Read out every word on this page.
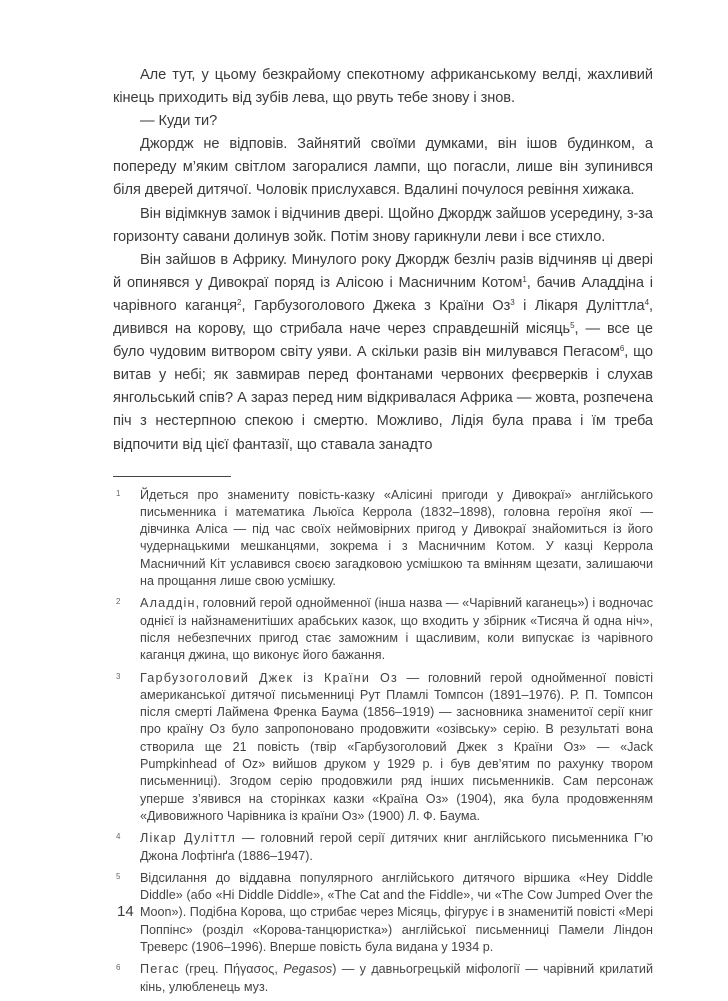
Але тут, у цьому безкрайому спекотному африканському велді, жахливий кінець приходить від зубів лева, що рвуть тебе знову і знов.

— Куди ти?

Джордж не відповів. Зайнятий своїми думками, він ішов будинком, а попереду м’яким світлом загоралися лампи, що погасли, лише він зупинився біля дверей дитячої. Чоловік прислухався. Вдалині почулося ревіння хижака.

Він відімкнув замок і відчинив двері. Щойно Джордж зайшов усередину, з-за горизонту савани долинув зойк. Потім знову гарикнули леви і все стихло.

Він зайшов в Африку. Минулого року Джордж безліч разів відчиняв ці двері й опинявся у Дивокраї поряд із Алісою і Масничним Котом$^1$, бачив Аладдіна і чарівного каганця$^2$, Гарбузоголового Джека з Країни $Оз^3$ і Лікаря Дуліттла$^4$, дивився на корову, що стрибала наче через справдешній місяць$^5$, — все це було чудовим витвором світу уяви. А скільки разів він милувався Пегасом$^6$, що витав у небі; як завмирав перед фонтанами червоних феєрверків і слухав янгольський спів? А зараз перед ним відкривалася Африка — жовта, розпечена піч з нестерпною спекою і смертю. Можливо, Лідія була права і їм треба відпочити від цієї фантазії, що ставала занадто

1	Йдеться про знамениту повість-казку «Алісині пригоди у Дивокраї» англійського письменника і математика Льюїса Керрола (1832–1898), головна героїня якої — дівчинка Аліса — під час своїх неймовірних пригод у Дивокраї знайомиться із його чудернацькими мешканцями, зокрема і з Масничним Котом. У казці Керрола Масничний Кіт уславився своєю загадковою усмішкою та вмінням щезати, залишаючи на прощання лише свою усмішку.
2	Аладдін, головний герой однойменної (інша назва — «Чарівний каганець») і водночас однієї із найзнаменитіших арабських казок, що входить у збірник «Тисяча й одна ніч», після небезпечних пригод стає заможним і щасливим, коли випускає із чарівного каганця джина, що виконує його бажання.
3	Гарбузоголовий Джек із Країни Оз — головний герой однойменної повісті американської дитячої письменниці Рут Пламлі Томпсон (1891–1976). Р. П. Томпсон після смерті Лаймена Френка Баума (1856–1919) — засновника знаменитої серії книг про країну Оз було запропоновано продовжити «озівську» серію. В результаті вона створила ще 21 повість (твір «Гарбузоголовий Джек з Країни Оз» — «Jack Pumpkinhead of Oz» вийшов друком у 1929 р. і був дев’ятим по рахунку твором письменниці). Згодом серію продовжили ряд інших письменників. Сам персонаж уперше з’явився на сторінках казки «Країна Оз» (1904), яка була продовженням «Дивовижного Чарівника із країни Оз» (1900) Л. Ф. Баума.
4	Лікар Дуліттл — головний герой серії дитячих книг англійського письменника Г’ю Джона Лофтінґа (1886–1947).
5	Відсилання до віддавна популярного англійського дитячого віршика «Hey Diddle Diddle» (або «Hi Diddle Diddle», «The Cat and the Fiddle», чи «The Cow Jumped Over the Moon»). Подібна Корова, що стрибає через Місяць, фігурує і в знаменитій повісті «Мері Поппінс» (розділ «Корова-танцюристка») англійської письменниці Памели Ліндон Треверс (1906–1996). Вперше повість була видана у 1934 р.
6	Пегас (грец. Πήγασος, Pegasos) — у давньогрецькій міфології — чарівний крилатий кінь, улюбленець муз.
14
